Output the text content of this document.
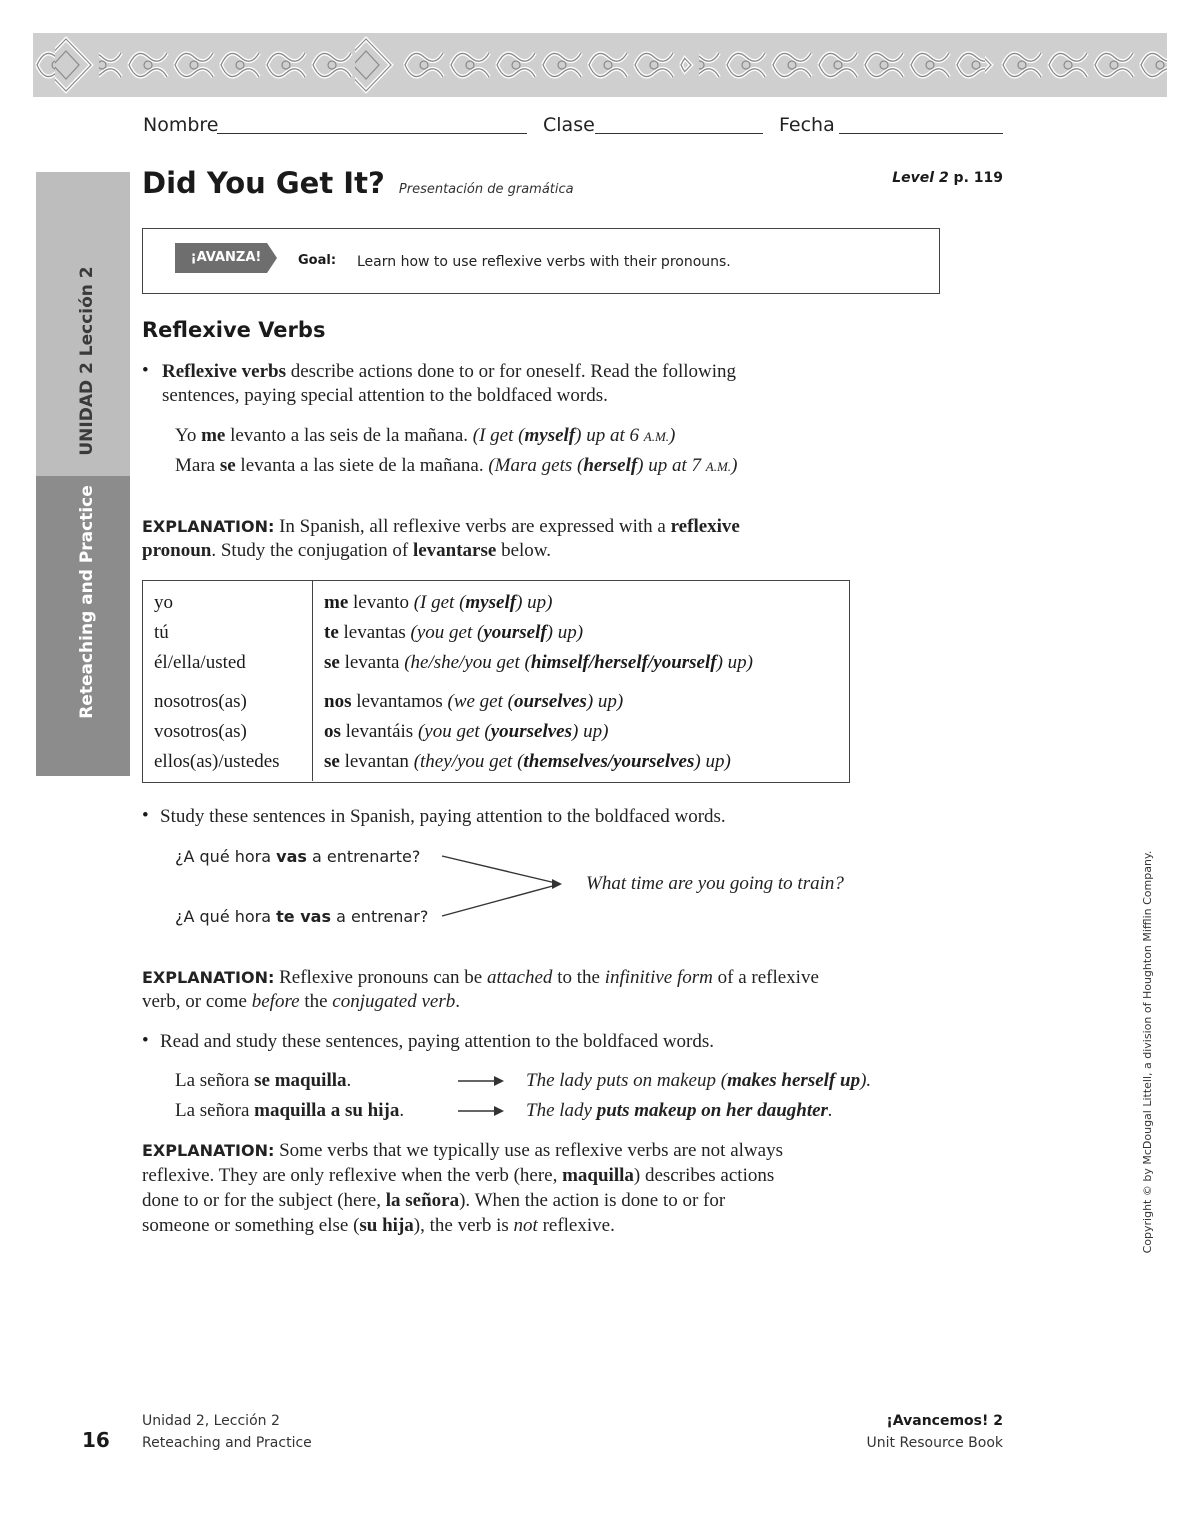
Nombre	Clase	Fecha
UNIDAD 2 Lección 2
Reteaching and Practice
Did You Get It? Presentación de gramática
Level 2 p. 119
¡AVANZA!	Goal: Learn how to use reflexive verbs with their pronouns.
Reflexive Verbs
• Reflexive verbs describe actions done to or for oneself. Read the following
sentences, paying special attention to the boldfaced words.
Yo me levanto a las seis de la mañana. (I get (myself) up at 6 A.M.)
Mara se levanta a las siete de la mañana. (Mara gets (herself) up at 7 A.M.)
EXPLANATION: In Spanish, all reflexive verbs are expressed with a reflexive
pronoun. Study the conjugation of levantarse below.
yo	me levanto (I get (myself) up)
tú	te levantas (you get (yourself) up)
él/ella/usted	se levanta (he/she/you get (himself/herself/yourself) up)
nosotros(as)	nos levantamos (we get (ourselves) up)
vosotros(as)	os levantáis (you get (yourselves) up)
ellos(as)/ustedes se levantan (they/you get (themselves/yourselves) up)
• Study these sentences in Spanish, paying attention to the boldfaced words.
¿A qué hora vas a entrenarte?
¿A qué hora te vas a entrenar?
What time are you going to train?
EXPLANATION: Reflexive pronouns can be attached to the infinitive form of a reflexive
verb, or come before the conjugated verb.
• Read and study these sentences, paying attention to the boldfaced words.
La señora se maquilla.	The lady puts on makeup (makes herself up).
La señora maquilla a su hija.	The lady puts makeup on her daughter.
EXPLANATION: Some verbs that we typically use as reflexive verbs are not always
reflexive. They are only reflexive when the verb (here, maquilla) describes actions
done to or for the subject (here, la señora). When the action is done to or for
someone or something else (su hija), the verb is not reflexive.	Copyright © by McDougal Littell, a division of Houghton Mifflin Company.
16
Unidad 2, Lección 2
Reteaching and Practice
¡Avancemos! 2
Unit Resource Book
